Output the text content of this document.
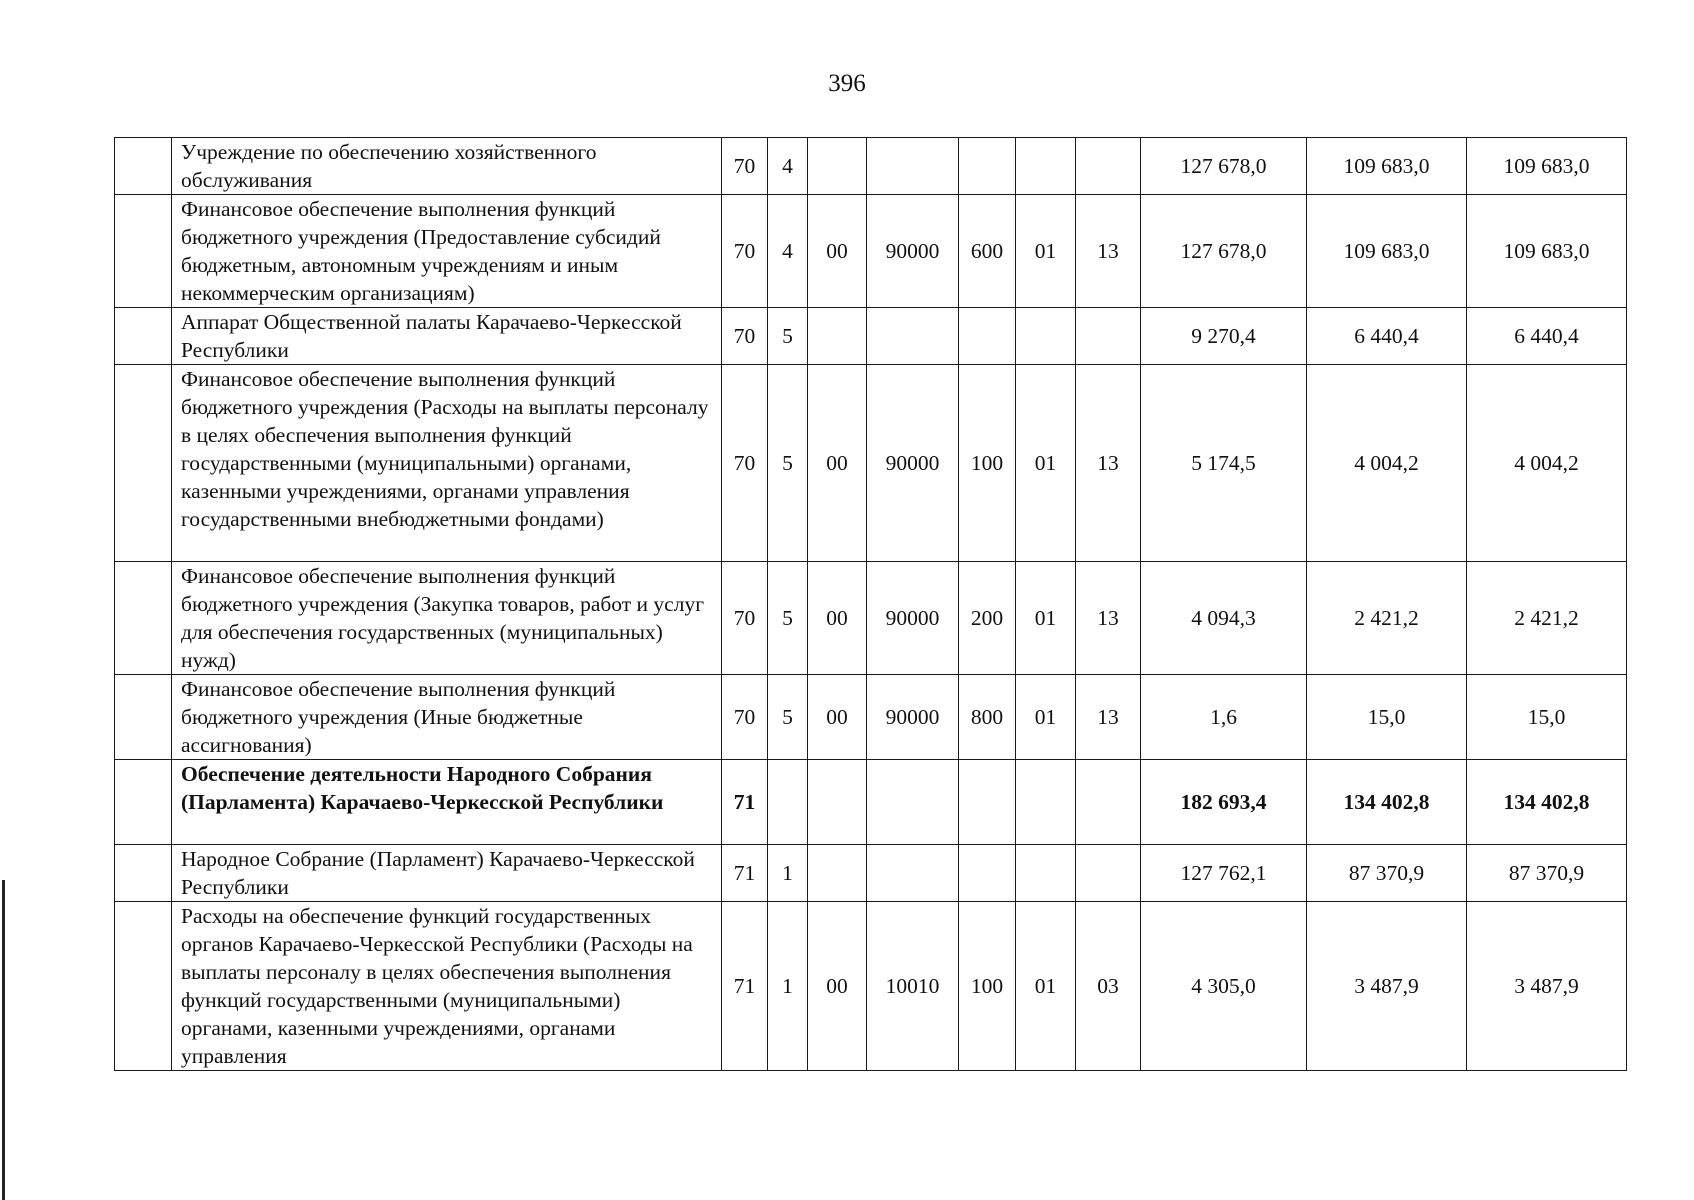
396
	Учреждение по обеспечению хозяйственного обслуживания	70	4						127 678,0	109 683,0	109 683,0
	Финансовое обеспечение выполнения функций бюджетного учреждения (Предоставление субсидий бюджетным, автономным учреждениям и иным некоммерческим организациям)	70	4	00	90000	600	01	13	127 678,0	109 683,0	109 683,0
	Аппарат Общественной палаты Карачаево-Черкесской Республики	70	5						9 270,4	6 440,4	6 440,4
	Финансовое обеспечение выполнения функций бюджетного учреждения (Расходы на выплаты персоналу в целях обеспечения выполнения функций государственными (муниципальными) органами, казенными учреждениями, органами управления государственными внебюджетными фондами)	70	5	00	90000	100	01	13	5 174,5	4 004,2	4 004,2
	Финансовое обеспечение выполнения функций бюджетного учреждения (Закупка товаров, работ и услуг для обеспечения государственных (муниципальных) нужд)	70	5	00	90000	200	01	13	4 094,3	2 421,2	2 421,2
	Финансовое обеспечение выполнения функций бюджетного учреждения (Иные бюджетные ассигнования)	70	5	00	90000	800	01	13	1,6	15,0	15,0
	Обеспечение деятельности Народного Собрания (Парламента) Карачаево-Черкесской Республики	71							182 693,4	134 402,8	134 402,8
	Народное Собрание (Парламент) Карачаево-Черкесской Республики	71	1						127 762,1	87 370,9	87 370,9
	Расходы на обеспечение функций государственных органов Карачаево-Черкесской Республики (Расходы на выплаты персоналу в целях обеспечения выполнения функций государственными (муниципальными) органами, казенными учреждениями, органами управления	71	1	00	10010	100	01	03	4 305,0	3 487,9	3 487,9
